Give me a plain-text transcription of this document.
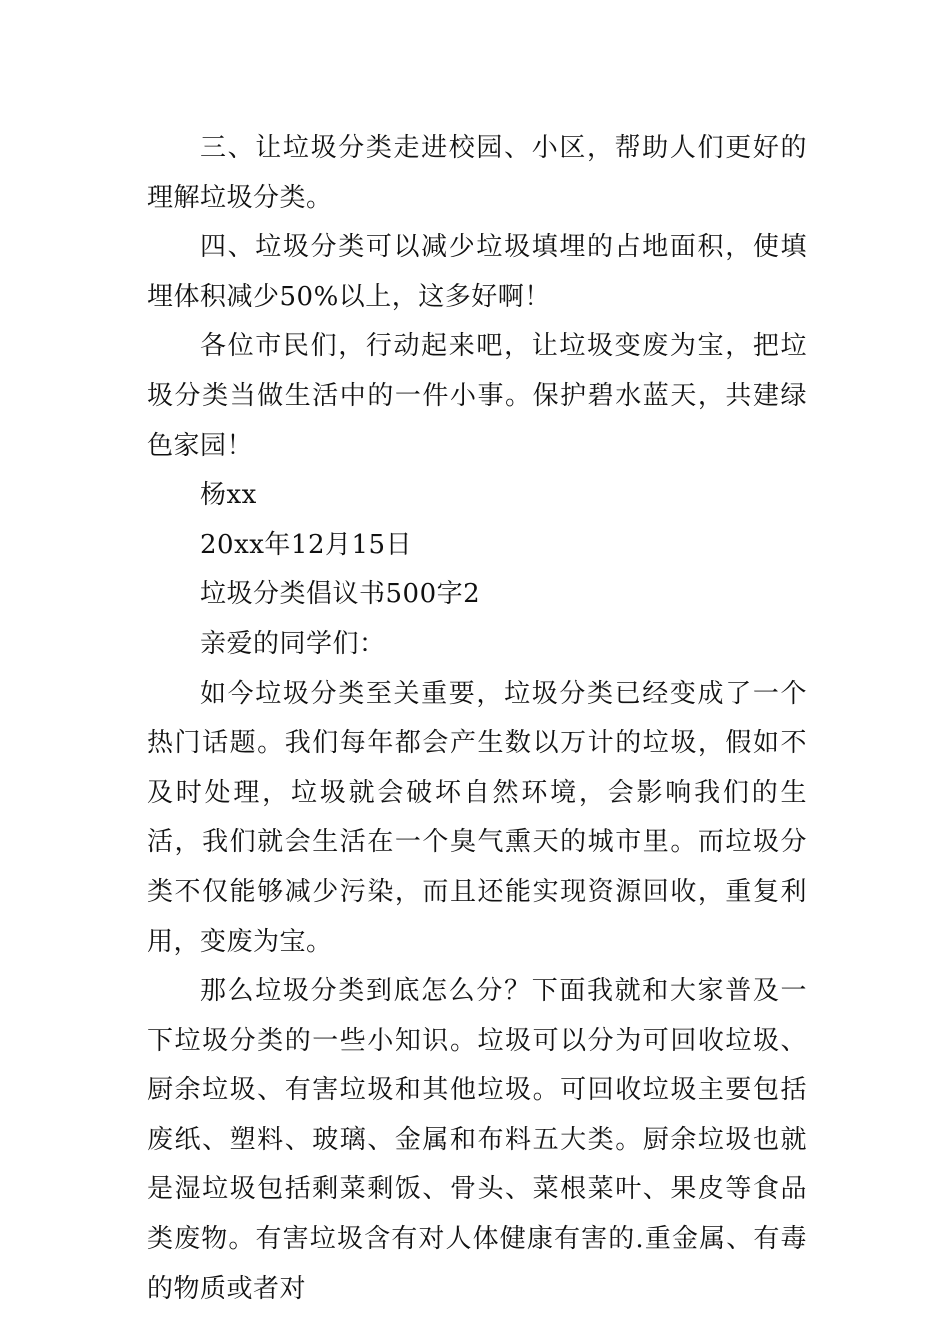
三、让垃圾分类走进校园、小区，帮助人们更好的理解垃圾分类。

四、垃圾分类可以减少垃圾填埋的占地面积，使填埋体积减少50%以上，这多好啊！

各位市民们，行动起来吧，让垃圾变废为宝，把垃圾分类当做生活中的一件小事。保护碧水蓝天，共建绿色家园！

杨xx

20xx年12月15日

垃圾分类倡议书500字2

亲爱的同学们：

如今垃圾分类至关重要，垃圾分类已经变成了一个热门话题。我们每年都会产生数以万计的垃圾，假如不及时处理，垃圾就会破坏自然环境，会影响我们的生活，我们就会生活在一个臭气熏天的城市里。而垃圾分类不仅能够减少污染，而且还能实现资源回收，重复利用，变废为宝。

那么垃圾分类到底怎么分？下面我就和大家普及一下垃圾分类的一些小知识。垃圾可以分为可回收垃圾、厨余垃圾、有害垃圾和其他垃圾。可回收垃圾主要包括废纸、塑料、玻璃、金属和布料五大类。厨余垃圾也就是湿垃圾包括剩菜剩饭、骨头、菜根菜叶、果皮等食品类废物。有害垃圾含有对人体健康有害的.重金属、有毒的物质或者对
